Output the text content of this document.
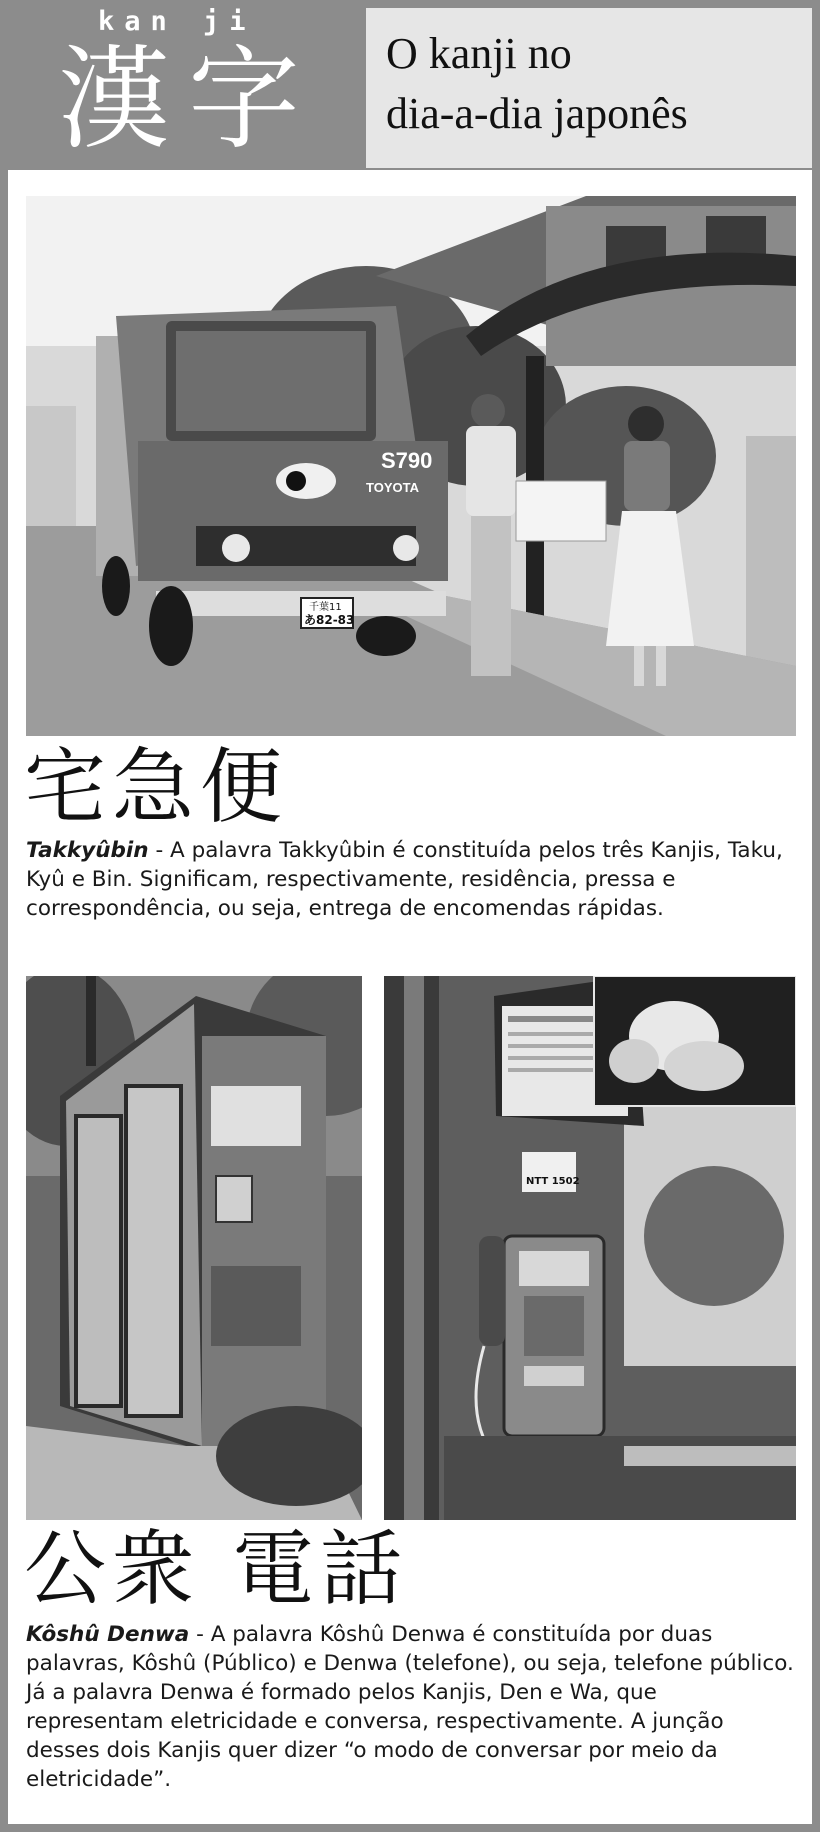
kan ji
漢字 O kanji no
dia-a-dia japonês
S790
TOYOTA
千葉11
あ82-83
宅急便
Takkyûbin - A palavra Takkyûbin é constituída pelos três Kanjis, Taku, Kyû e Bin. Significam, respectivamente, residência, pressa e correspondência, ou seja, entrega de encomendas rápidas.
NTT 1502
公衆 電話
Kôshû Denwa - A palavra Kôshû Denwa é constituída por duas palavras, Kôshû (Público) e Denwa (telefone), ou seja, telefone público. Já a palavra Denwa é formado pelos Kanjis, Den e Wa, que representam eletricidade e conversa, respectivamente. A junção desses dois Kanjis quer dizer “o modo de conversar por meio da eletricidade”.
